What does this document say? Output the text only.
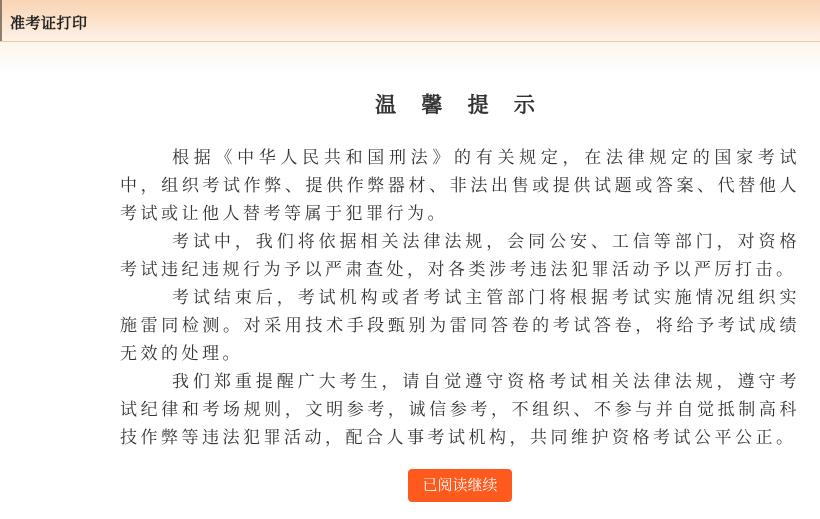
准考证打印
温 馨 提 示

根据《中华人民共和国刑法》的有关规定，在法律规定的国家考试中，组织考试作弊、提供作弊器材、非法出售或提供试题或答案、代替他人考试或让他人替考等属于犯罪行为。

考试中，我们将依据相关法律法规，会同公安、工信等部门，对资格考试违纪违规行为予以严肃查处，对各类涉考违法犯罪活动予以严厉打击。

考试结束后，考试机构或者考试主管部门将根据考试实施情况组织实施雷同检测。对采用技术手段甄别为雷同答卷的考试答卷，将给予考试成绩无效的处理。

我们郑重提醒广大考生，请自觉遵守资格考试相关法律法规，遵守考试纪律和考场规则，文明参考，诚信参考，不组织、不参与并自觉抵制高科技作弊等违法犯罪活动，配合人事考试机构，共同维护资格考试公平公正。

已阅读继续
